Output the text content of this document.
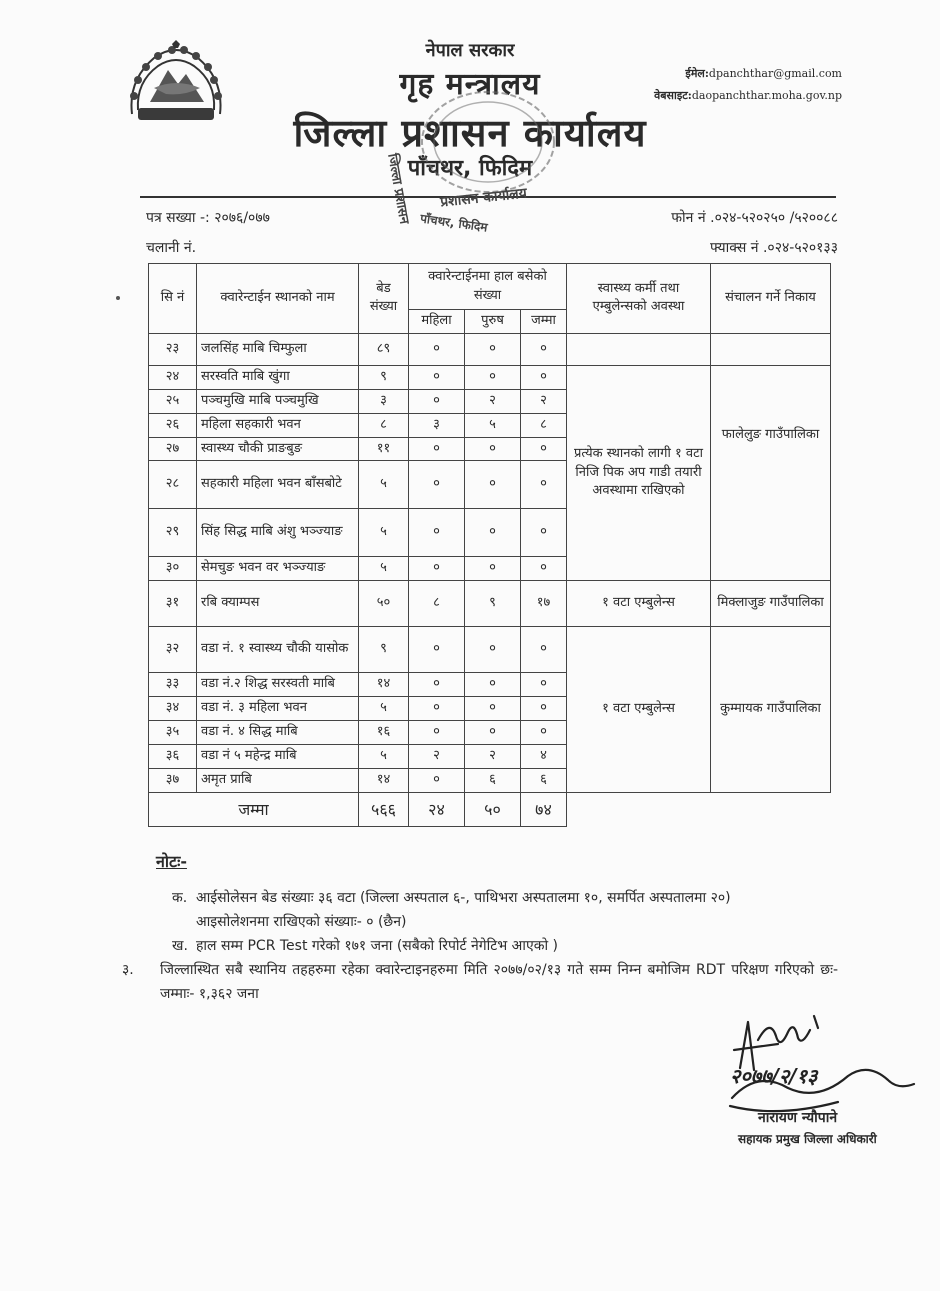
नेपाल सरकार
गृह मन्त्रालय
जिल्ला प्रशासन कार्यालय
पाँचथर, फिदिम
ईमेल:dpanchthar@gmail.com
वेबसाइट:daopanchthar.moha.gov.np
जिल्ला प्रशासन प्रशासन कार्यालय
पाँचथर, फिदिम
पत्र सख्या -: २०७६/०७७
चलानी नं.
फोन नं .०२४-५२०२५० /५२००८८
फ्याक्स नं .०२४-५२०१३३
सि नं	क्वारेन्टाईन स्थानको नाम	बेड संख्या	क्वारेन्टाईनमा हाल बसेको संख्या			स्वास्थ्य कर्मी तथा एम्बुलेन्सको अवस्था	संचालन गर्ने निकाय
			महिला	पुरुष	जम्मा		
२३	जलसिंह माबि चिम्फुला	८९	०	०	०		
२४	सरस्वति माबि खुंगा	९	०	०	०	प्रत्येक स्थानको लागी १ वटा निजि पिक अप गाडी तयारी अवस्थामा राखिएको	फालेलुङ गाउँपालिका
२५	पञ्चमुखि माबि पञ्चमुखि	३	०	२	२		
२६	महिला सहकारी भवन	८	३	५	८		
२७	स्वास्थ्य चौकी प्राङबुङ	११	०	०	०		
२८	सहकारी महिला भवन बाँसबोटे	५	०	०	०		
२९	सिंह सिद्ध माबि अंशु भञ्ज्याङ	५	०	०	०		
३०	सेमचुङ भवन वर भञ्ज्याङ	५	०	०	०		
३१	रबि क्याम्पस	५०	८	९	१७	१ वटा एम्बुलेन्स	मिक्लाजुङ गाउँपालिका
३२	वडा नं. १ स्वास्थ्य चौकी यासोक	९	०	०	०	१ वटा एम्बुलेन्स	कुम्मायक गाउँपालिका
३३	वडा नं.२ शिद्ध सरस्वती माबि	१४	०	०	०		
३४	वडा नं. ३ महिला भवन	५	०	०	०		
३५	वडा नं. ४ सिद्ध माबि	१६	०	०	०		
३६	वडा नं ५ महेन्द्र माबि	५	२	२	४		
३७	अमृत प्राबि	१४	०	६	६		
जम्मा		५६६	२४	५०	७४		
नोटः-
क. आईसोलेसन बेड संख्याः ३६ वटा (जिल्ला अस्पताल ६-, पाथिभरा अस्पतालमा १०, समर्पित अस्पतालमा २०)
आइसोलेशनमा राखिएको संख्याः- ० (छैन)
ख. हाल सम्म PCR Test गरेको १७१ जना (सबैको रिपोर्ट नेगेटिभ आएको )
३. जिल्लास्थित सबै स्थानिय तहहरुमा रहेका क्वारेन्टाइनहरुमा मिति २०७७/०२/१३ गते सम्म निम्न बमोजिम RDT परिक्षण गरिएको छः- जम्माः- १,३६२ जना
२०७७/२/१३
नारायण न्यौपाने
सहायक प्रमुख जिल्ला अधिकारी
